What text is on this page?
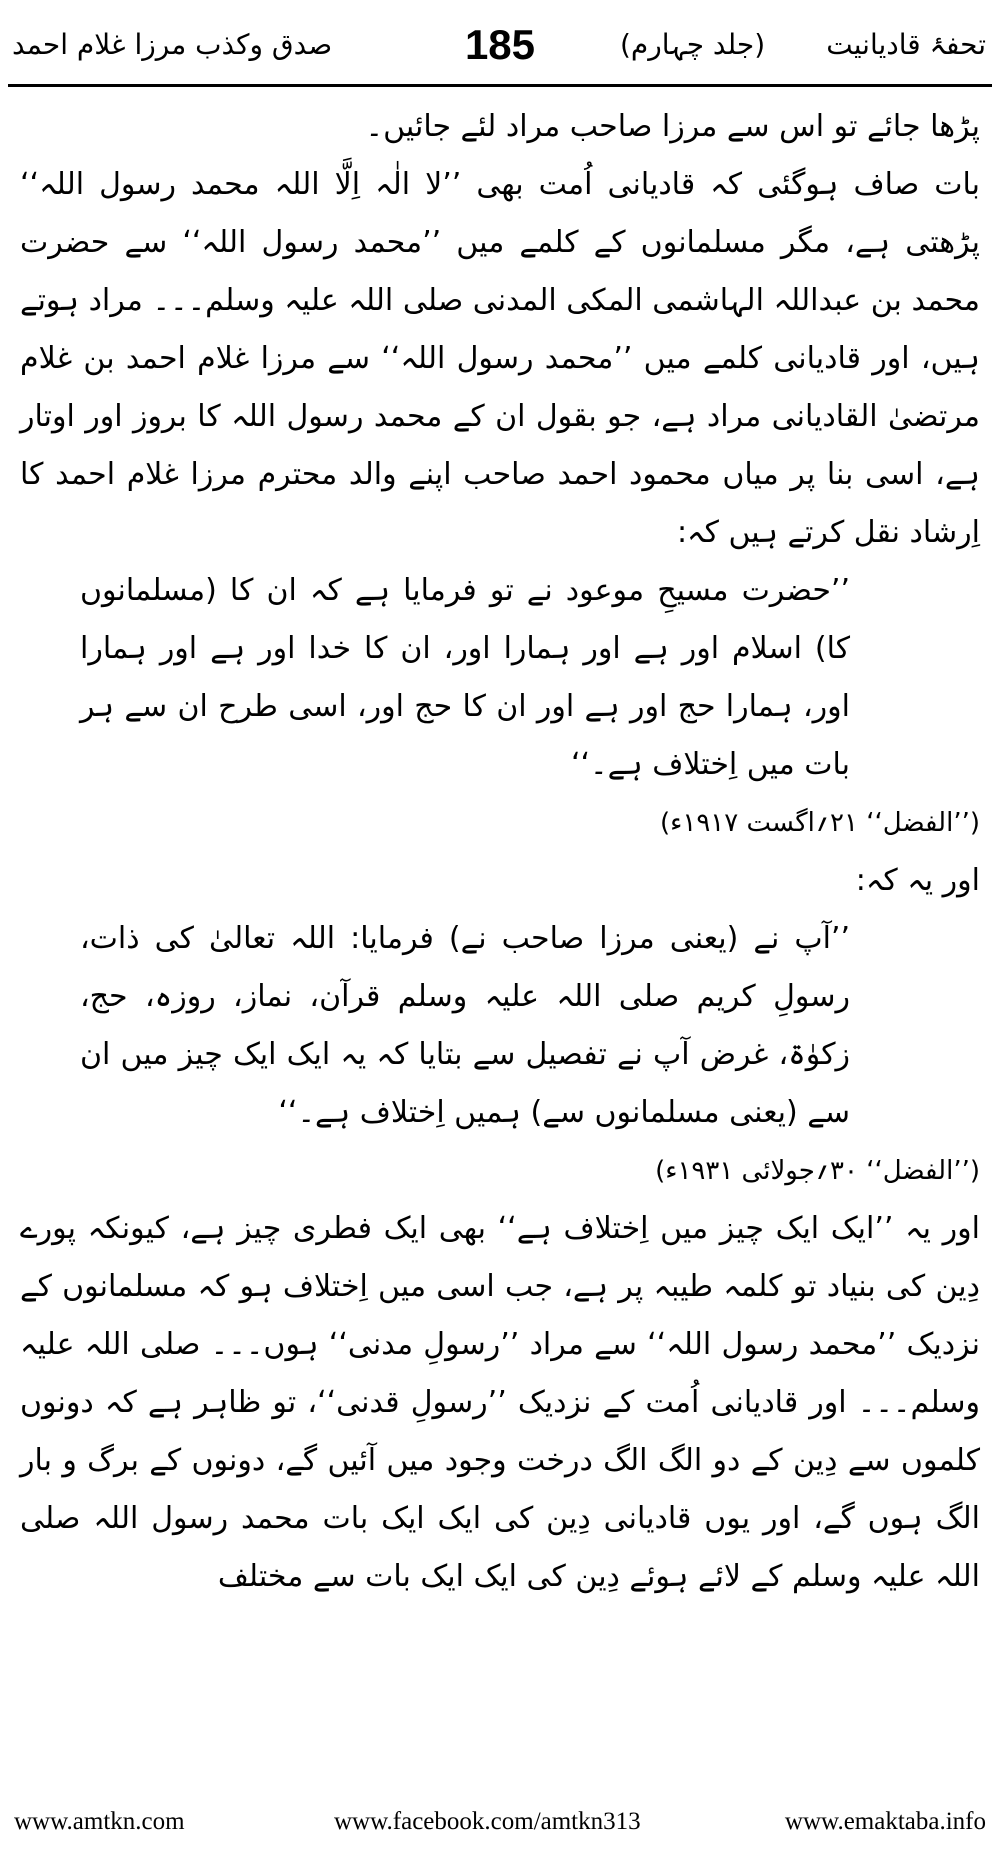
صدق وکذب مرزا غلام احمد	185	(جلد چہارم) تحفۂ قادیانیت

پڑھا جائے تو اس سے مرزا صاحب مراد لئے جائیں۔

بات صاف ہوگئی کہ قادیانی اُمت بھی ’’لا الٰہ اِلَّا اللہ محمد رسول اللہ‘‘ پڑھتی ہے، مگر مسلمانوں کے کلمے میں ’’محمد رسول اللہ‘‘ سے حضرت محمد بن عبداللہ الہاشمی المکی المدنی صلی اللہ علیہ وسلم۔۔۔ مراد ہوتے ہیں، اور قادیانی کلمے میں ’’محمد رسول اللہ‘‘ سے مرزا غلام احمد بن غلام مرتضیٰ القادیانی مراد ہے، جو بقول ان کے محمد رسول اللہ کا بروز اور اوتار ہے، اسی بنا پر میاں محمود احمد صاحب اپنے والد محترم مرزا غلام احمد کا اِرشاد نقل کرتے ہیں کہ:

’’حضرت مسیحِ موعود نے تو فرمایا ہے کہ ان کا (مسلمانوں کا) اسلام اور ہے اور ہمارا اور، ان کا خدا اور ہے اور ہمارا اور، ہمارا حج اور ہے اور ان کا حج اور، اسی طرح ان سے ہر بات میں اِختلاف ہے۔‘‘

(’’الفضل‘‘ ۲۱؍اگست ۱۹۱۷ء)

اور یہ کہ:

’’آپ نے (یعنی مرزا صاحب نے) فرمایا: اللہ تعالیٰ کی ذات، رسولِ کریم صلی اللہ علیہ وسلم قرآن، نماز، روزہ، حج، زکوٰۃ، غرض آپ نے تفصیل سے بتایا کہ یہ ایک ایک چیز میں ان سے (یعنی مسلمانوں سے) ہمیں اِختلاف ہے۔‘‘

(’’الفضل‘‘ ۳۰؍جولائی ۱۹۳۱ء)

اور یہ ’’ایک ایک چیز میں اِختلاف ہے‘‘ بھی ایک فطری چیز ہے، کیونکہ پورے دِین کی بنیاد تو کلمہ طیبہ پر ہے، جب اسی میں اِختلاف ہو کہ مسلمانوں کے نزدیک ’’محمد رسول اللہ‘‘ سے مراد ’’رسولِ مدنی‘‘ ہوں۔۔۔ صلی اللہ علیہ وسلم۔۔۔ اور قادیانی اُمت کے نزدیک ’’رسولِ قدنی‘‘، تو ظاہر ہے کہ دونوں کلموں سے دِین کے دو الگ الگ درخت وجود میں آئیں گے، دونوں کے برگ و بار الگ ہوں گے، اور یوں قادیانی دِین کی ایک ایک بات محمد رسول اللہ صلی اللہ علیہ وسلم کے لائے ہوئے دِین کی ایک ایک بات سے مختلف

www.amtkn.com	www.facebook.com/amtkn313	www.emaktaba.info
